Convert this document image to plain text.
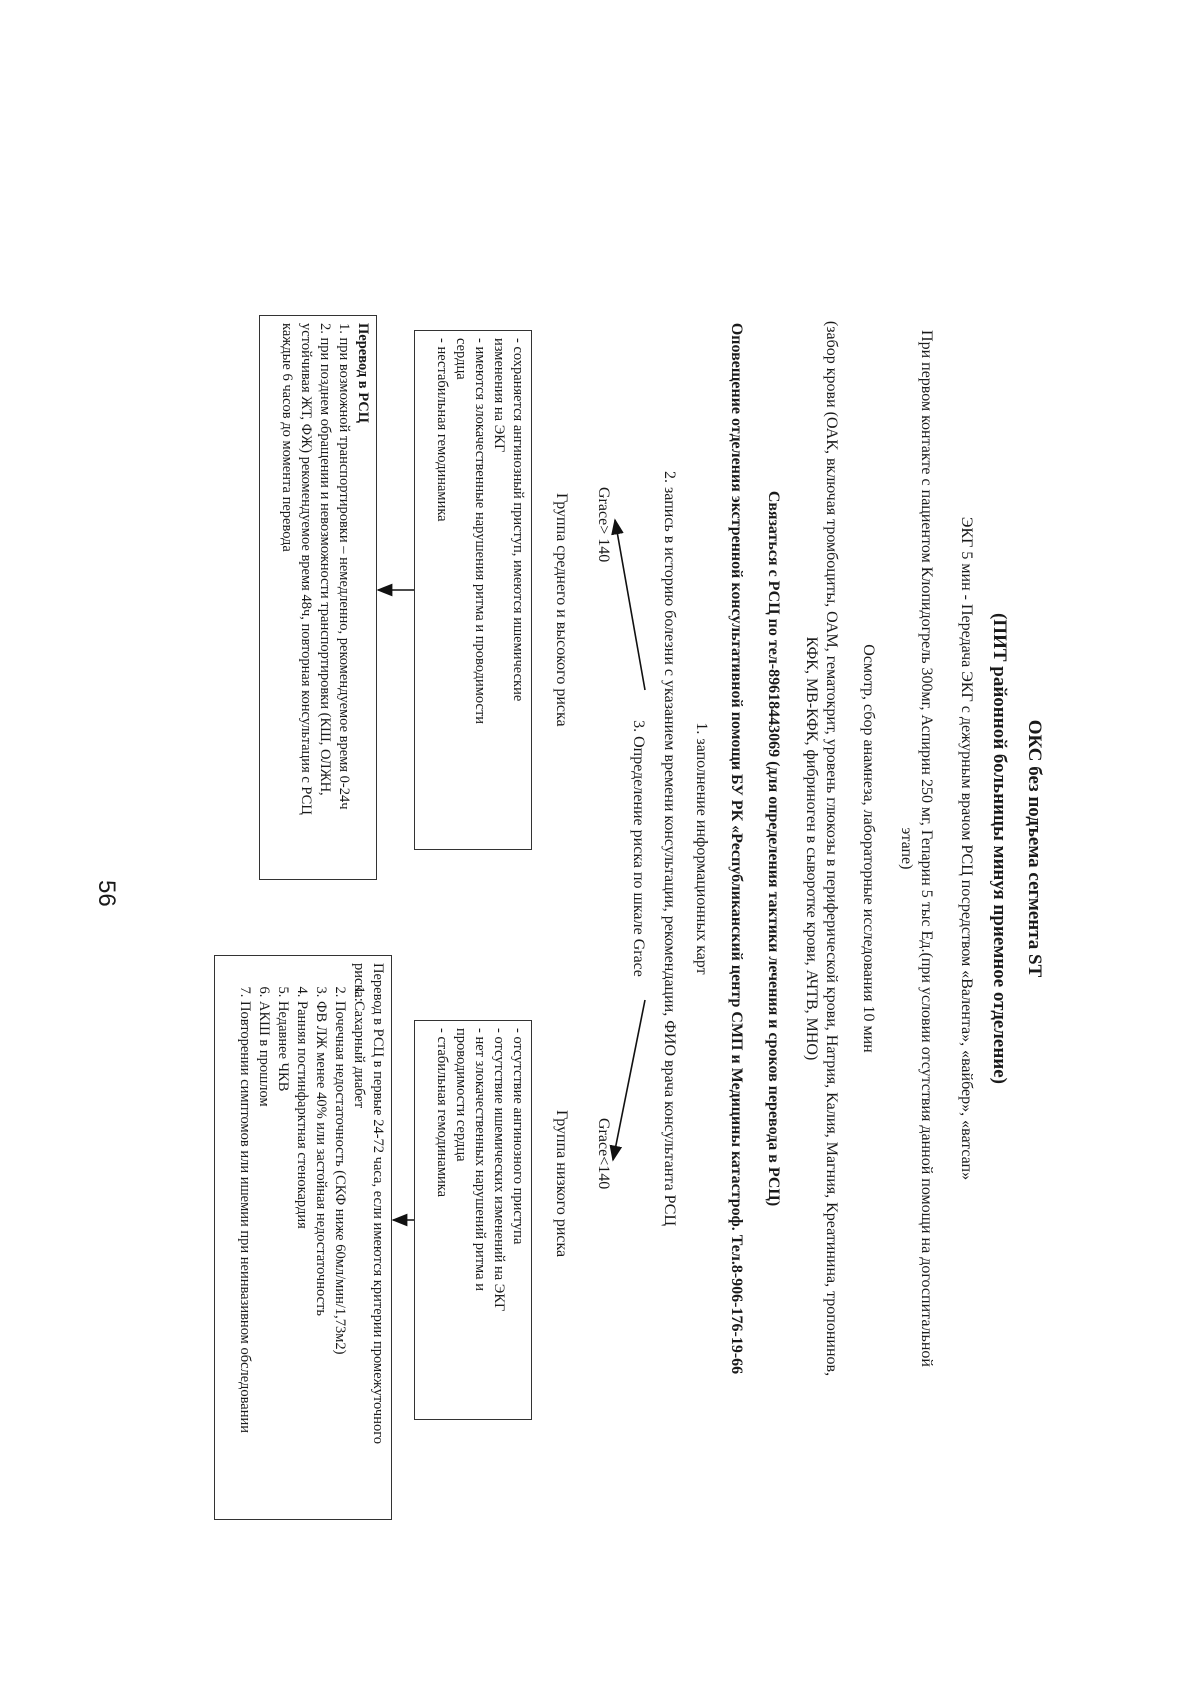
ОКС без подъема сегмента ST
(ПИТ районной больницы минуя приемное отделение)
ЭКГ 5 мин - Передача ЭКГ с дежурным врачом РСЦ посредством «Валента», «вайбер», «ватсап»
При первом контакте с пациентом Клопидогрель 300мг, Аспирин 250 мг, Гепарин 5 тыс Ед.(при условии отсутствия данной помощи на догоспитальной
этапе)
Осмотр, сбор анамнеза, лабораторные исследования 10 мин
(забор крови (ОАК, включая тромбоциты, ОАМ, гематокрит, уровень глюкозы в периферической крови, Натрия, Калия, Магния, Креатинина, тропонинов,
КФК, МВ-КФК, фибриноген в сыворотке крови, АЧТВ, МНО)
Связаться с РСЦ по тел-89618443069 (для определения тактики лечения и сроков перевода в РСЦ)
Оповещение отделения экстренной консультативной помощи БУ РК «Республиканский центр СМП и Медицины катастроф. Тел.8-906-176-19-66
1. заполнение информационных карт
2. запись в историю болезни с указанием времени консультации, рекомендации, ФИО врача консультанта РСЦ
3. Определение риска по шкале Grace
Grace> 140
Grace<140
Группа среднего и высокого риска
Группа низкого риска
- сохраняется ангинозный приступ, имеются ишемические
изменения на ЭКГ
- имеются злокачественные нарушения ритма и проводимости
сердца
- нестабильная гемодинамика
- отсутствие ангинозного приступа
- отсутствие ишемических изменений на ЭКГ
- нет злокачественных нарушений ритма и
проводимости сердца
- стабильная гемодинамика
Перевод в РСЦ
1. при возможной транспортировки – немедленно, рекомендуемое время 0-24ч
2. при позднем обращении и невозможности транспортировки (КШ, ОЛЖН,
устойчивая ЖТ, ФЖ) рекомендуемое время 48ч, повторная консультация с РСЦ
каждые 6 часов до момента перевода
Перевод в РСЦ в первые 24-72 часа, если имеются критерии промежуточного
риска:
1. Сахарный диабет
2. Почечная недостаточность (СКФ ниже 60мл/мин/1,73м2)
3. ФВ ЛЖ менее 40% или застойная недостаточность
4. Ранняя постинфарктная стенокардия
5. Недавнее ЧКВ
6. АКШ в прошлом
7. Повторении симптомов или ишемии при неинвазивном обследовании
56
